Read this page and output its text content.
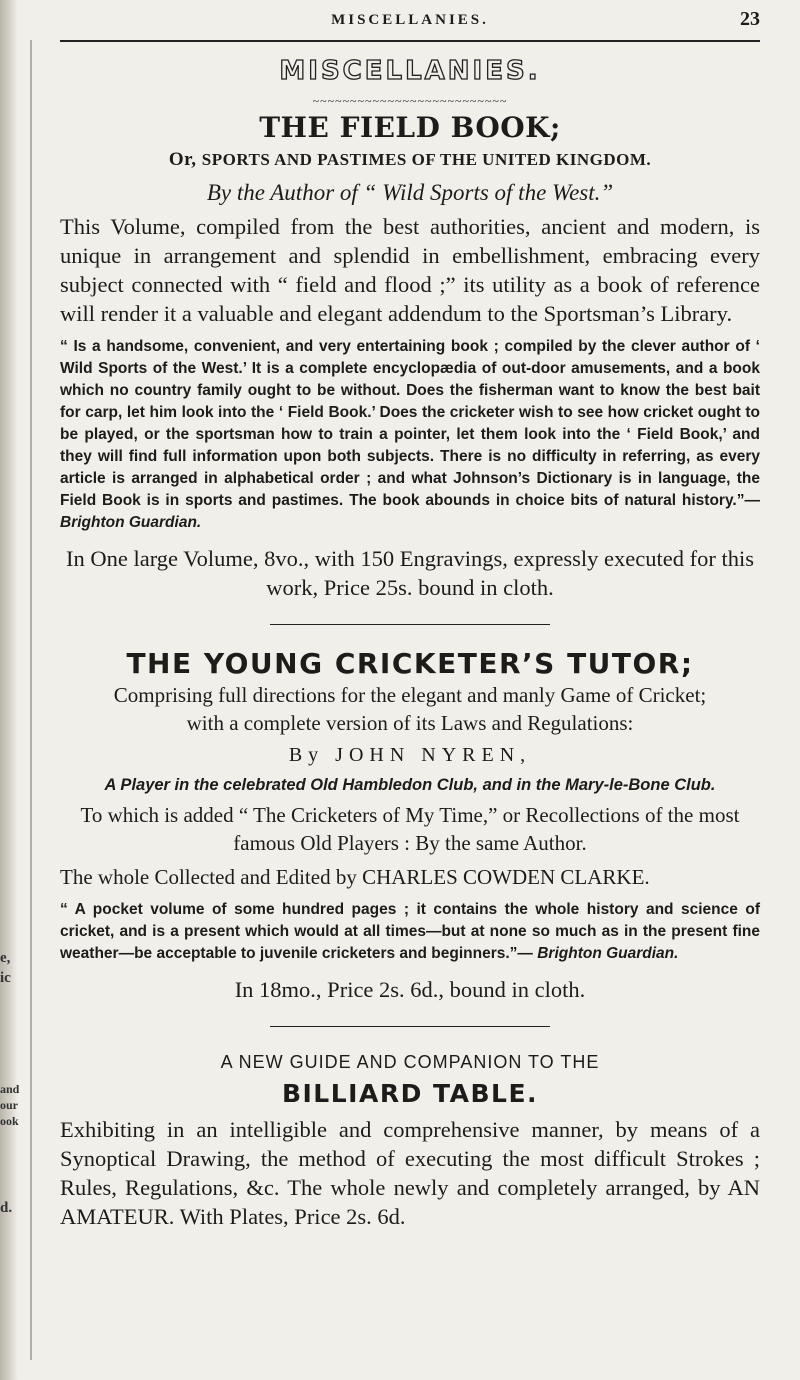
e,
ic
and
our
ook
d.
MISCELLANIES.	23
MISCELLANIES.
~~~~~~~~~~~~~~~~~~~~~~~~~~

THE FIELD BOOK;

Or, SPORTS AND PASTIMES OF THE UNITED KINGDOM.

By the Author of “ Wild Sports of the West.”

This Volume, compiled from the best authorities, ancient and modern, is unique in arrangement and splendid in embellishment, embracing every subject connected with “ field and flood ;” its utility as a book of reference will render it a valuable and elegant addendum to the Sportsman’s Library.

“ Is a handsome, convenient, and very entertaining book ; compiled by the clever author of ‘ Wild Sports of the West.’ It is a complete encyclopædia of out-door amusements, and a book which no country family ought to be without. Does the fisherman want to know the best bait for carp, let him look into the ‘ Field Book.’ Does the cricketer wish to see how cricket ought to be played, or the sportsman how to train a pointer, let them look into the ‘ Field Book,’ and they will find full information upon both subjects. There is no difficulty in referring, as every article is arranged in alphabetical order ; and what Johnson’s Dictionary is in language, the Field Book is in sports and pastimes. The book abounds in choice bits of natural history.”— Brighton Guardian.

In One large Volume, 8vo., with 150 Engravings, expressly executed for this work, Price 25s. bound in cloth.

THE YOUNG CRICKETER’S TUTOR;

Comprising full directions for the elegant and manly Game of Cricket;

with a complete version of its Laws and Regulations:

By JOHN NYREN,

A Player in the celebrated Old Hambledon Club, and in the Mary-le-Bone Club.

To which is added “ The Cricketers of My Time,” or Recollections of the most famous Old Players : By the same Author.

The whole Collected and Edited by CHARLES COWDEN CLARKE.

“ A pocket volume of some hundred pages ; it contains the whole history and science of cricket, and is a present which would at all times—but at none so much as in the present fine weather—be acceptable to juvenile cricketers and beginners.”— Brighton Guardian.

In 18mo., Price 2s. 6d., bound in cloth.

A NEW GUIDE AND COMPANION TO THE

BILLIARD TABLE.

Exhibiting in an intelligible and comprehensive manner, by means of a Synoptical Drawing, the method of executing the most difficult Strokes ; Rules, Regulations, &c. The whole newly and completely arranged, by AN AMATEUR. With Plates, Price 2s. 6d.
